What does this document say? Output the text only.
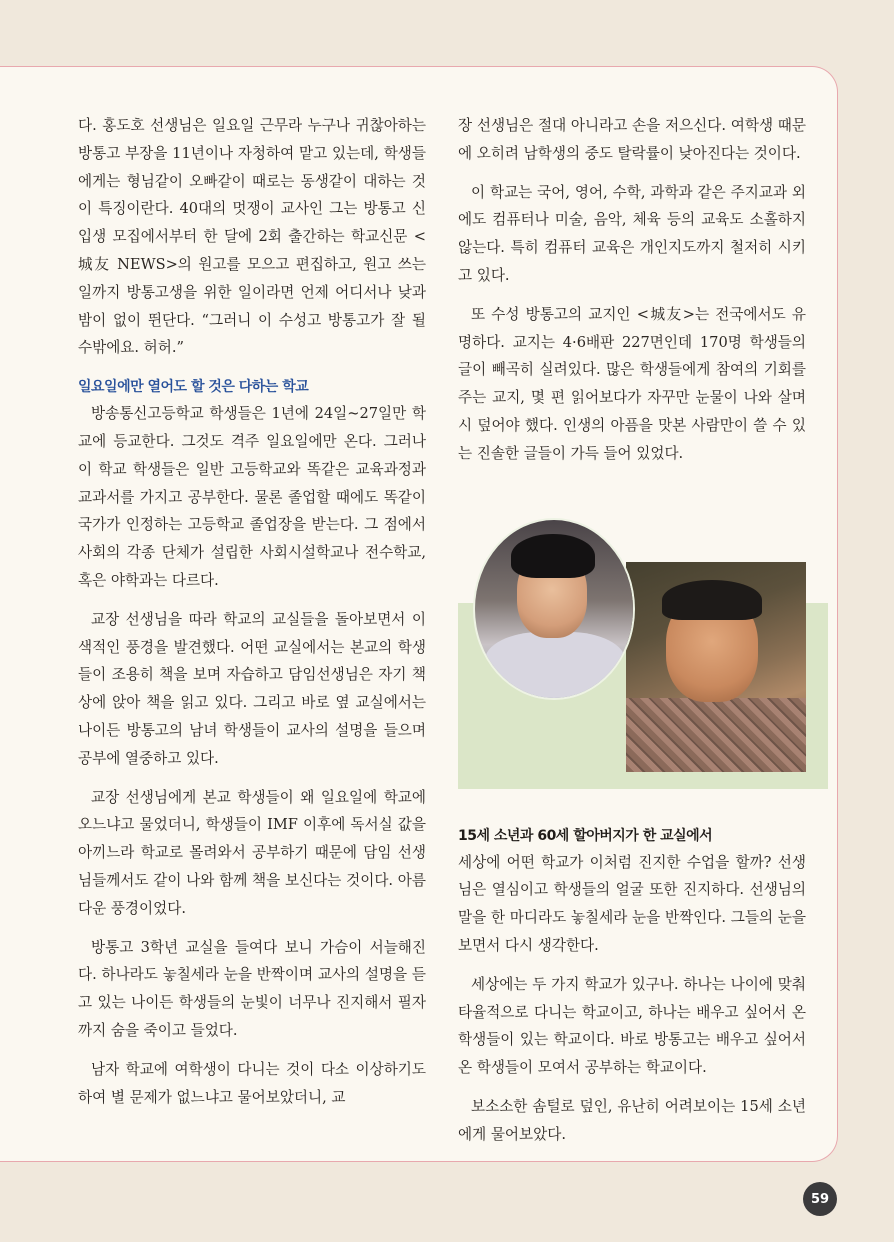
다. 홍도호 선생님은 일요일 근무라 누구나 귀찮아하는 방통고 부장을 11년이나 자청하여 맡고 있는데, 학생들에게는 형님같이 오빠같이 때로는 동생같이 대하는 것이 특징이란다. 40대의 멋쟁이 교사인 그는 방통고 신입생 모집에서부터 한 달에 2회 출간하는 학교신문 <城友 NEWS>의 원고를 모으고 편집하고, 원고 쓰는 일까지 방통고생을 위한 일이라면 언제 어디서나 낮과 밤이 없이 뛴단다. “그러니 이 수성고 방통고가 잘 될 수밖에요. 허허.”

일요일에만 열어도 할 것은 다하는 학교

방송통신고등학교 학생들은 1년에 24일~27일만 학교에 등교한다. 그것도 격주 일요일에만 온다. 그러나 이 학교 학생들은 일반 고등학교와 똑같은 교육과정과 교과서를 가지고 공부한다. 물론 졸업할 때에도 똑같이 국가가 인정하는 고등학교 졸업장을 받는다. 그 점에서 사회의 각종 단체가 설립한 사회시설학교나 전수학교, 혹은 야학과는 다르다.

교장 선생님을 따라 학교의 교실들을 돌아보면서 이색적인 풍경을 발견했다. 어떤 교실에서는 본교의 학생들이 조용히 책을 보며 자습하고 담임선생님은 자기 책상에 앉아 책을 읽고 있다. 그리고 바로 옆 교실에서는 나이든 방통고의 남녀 학생들이 교사의 설명을 들으며 공부에 열중하고 있다.

교장 선생님에게 본교 학생들이 왜 일요일에 학교에 오느냐고 물었더니, 학생들이 IMF 이후에 독서실 값을 아끼느라 학교로 몰려와서 공부하기 때문에 담임 선생님들께서도 같이 나와 함께 책을 보신다는 것이다. 아름다운 풍경이었다.

방통고 3학년 교실을 들여다 보니 가슴이 서늘해진다. 하나라도 놓칠세라 눈을 반짝이며 교사의 설명을 듣고 있는 나이든 학생들의 눈빛이 너무나 진지해서 필자까지 숨을 죽이고 들었다.

남자 학교에 여학생이 다니는 것이 다소 이상하기도 하여 별 문제가 없느냐고 물어보았더니, 교

장 선생님은 절대 아니라고 손을 저으신다. 여학생 때문에 오히려 남학생의 중도 탈락률이 낮아진다는 것이다.

이 학교는 국어, 영어, 수학, 과학과 같은 주지교과 외에도 컴퓨터나 미술, 음악, 체육 등의 교육도 소홀하지 않는다. 특히 컴퓨터 교육은 개인지도까지 철저히 시키고 있다.

또 수성 방통고의 교지인 <城友>는 전국에서도 유명하다. 교지는 4·6배판 227면인데 170명 학생들의 글이 빼곡히 실려있다. 많은 학생들에게 참여의 기회를 주는 교지, 몇 편 읽어보다가 자꾸만 눈물이 나와 살며시 덮어야 했다. 인생의 아픔을 맛본 사람만이 쓸 수 있는 진솔한 글들이 가득 들어 있었다.

15세 소년과 60세 할아버지가 한 교실에서

세상에 어떤 학교가 이처럼 진지한 수업을 할까? 선생님은 열심이고 학생들의 얼굴 또한 진지하다. 선생님의 말을 한 마디라도 놓칠세라 눈을 반짝인다. 그들의 눈을 보면서 다시 생각한다.

세상에는 두 가지 학교가 있구나. 하나는 나이에 맞춰 타율적으로 다니는 학교이고, 하나는 배우고 싶어서 온 학생들이 있는 학교이다. 바로 방통고는 배우고 싶어서 온 학생들이 모여서 공부하는 학교이다.

보소소한 솜털로 덮인, 유난히 어려보이는 15세 소년에게 물어보았다.

59
